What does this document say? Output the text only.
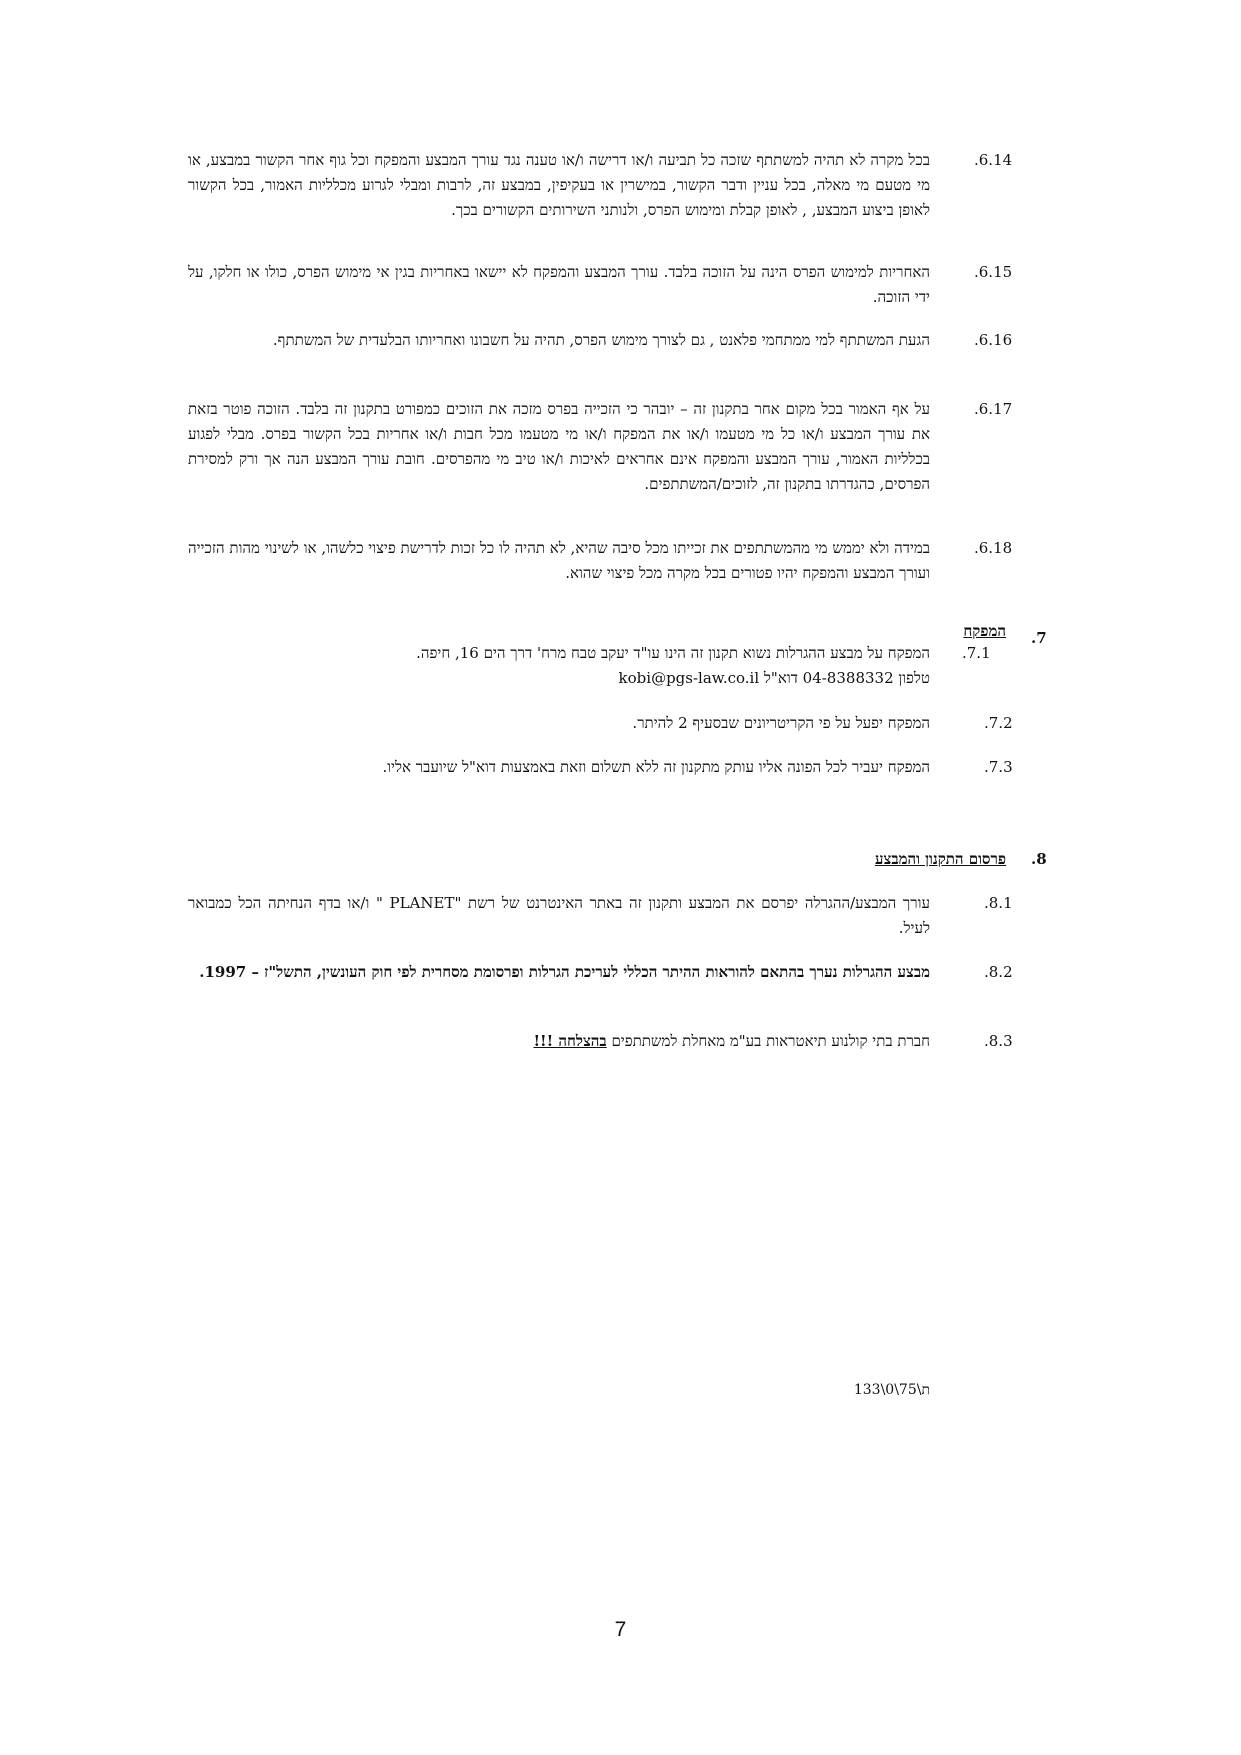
.6.14
בכל מקרה לא תהיה למשתתף שזכה כל תביעה ו/או דרישה ו/או טענה נגד עורך המבצע והמפקח וכל גוף אחר הקשור במבצע, או מי מטעם מי מאלה, בכל עניין ודבר הקשור, במישרין או בעקיפין, במבצע זה, לרבות ומבלי לגרוע מכלליות האמור, בכל הקשור לאופן ביצוע המבצע, , לאופן קבלת ומימוש הפרס, ולנותני השירותים הקשורים בכך.
.6.15
האחריות למימוש הפרס הינה על הזוכה בלבד. עורך המבצע והמפקח לא יישאו באחריות בגין אי מימוש הפרס, כולו או חלקו, על ידי הזוכה.
.6.16
הגעת המשתתף למי ממתחמי פלאנט , גם לצורך מימוש הפרס, תהיה על חשבונו ואחריותו הבלעדית של המשתתף.
.6.17
על אף האמור בכל מקום אחר בתקנון זה – יובהר כי הזכייה בפרס מזכה את הזוכים כמפורט בתקנון זה בלבד. הזוכה פוטר בזאת את עורך המבצע ו/או כל מי מטעמו ו/או את המפקח ו/או מי מטעמו מכל חבות ו/או אחריות בכל הקשור בפרס. מבלי לפגוע בכלליות האמור, עורך המבצע והמפקח אינם אחראים לאיכות ו/או טיב מי מהפרסים. חובת עורך המבצע הנה אך ורק למסירת הפרסים, כהגדרתו בתקנון זה, לזוכים/המשתתפים.
.6.18
במידה ולא יממש מי מהמשתתפים את זכייתו מכל סיבה שהיא, לא תהיה לו כל זכות לדרישת פיצוי כלשהו, או לשינוי מהות הזכייה ועורך המבצע והמפקח יהיו פטורים בכל מקרה מכל פיצוי שהוא.
.7
המפקח
.7.1
המפקח על מבצע ההגרלות נשוא תקנון זה הינו עו"ד יעקב טבח מרח' דרך הים 16, חיפה.
טלפון 04-8388332 דוא"ל kobi@pgs-law.co.il
.7.2
המפקח יפעל על פי הקריטריונים שבסעיף 2 להיתר.
.7.3
המפקח יעביר לכל הפונה אליו עותק מתקנון זה ללא תשלום וזאת באמצעות דוא"ל שיועבר אליו.
.8
פרסום התקנון והמבצע
.8.1
עורך המבצע/ההגרלה יפרסם את המבצע ותקנון זה באתר האינטרנט של רשת "PLANET " ו/או בדף הנחיתה הכל כמבואר לעיל.
.8.2
מבצע ההגרלות נערך בהתאם להוראות ההיתר הכללי לעריכת הגרלות ופרסומת מסחרית לפי חוק העונשין, התשל"ז – 1997.
.8.3
חברת בתי קולנוע תיאטראות בע"מ מאחלת למשתתפים בהצלחה !!!
133\0\75\ת
7
